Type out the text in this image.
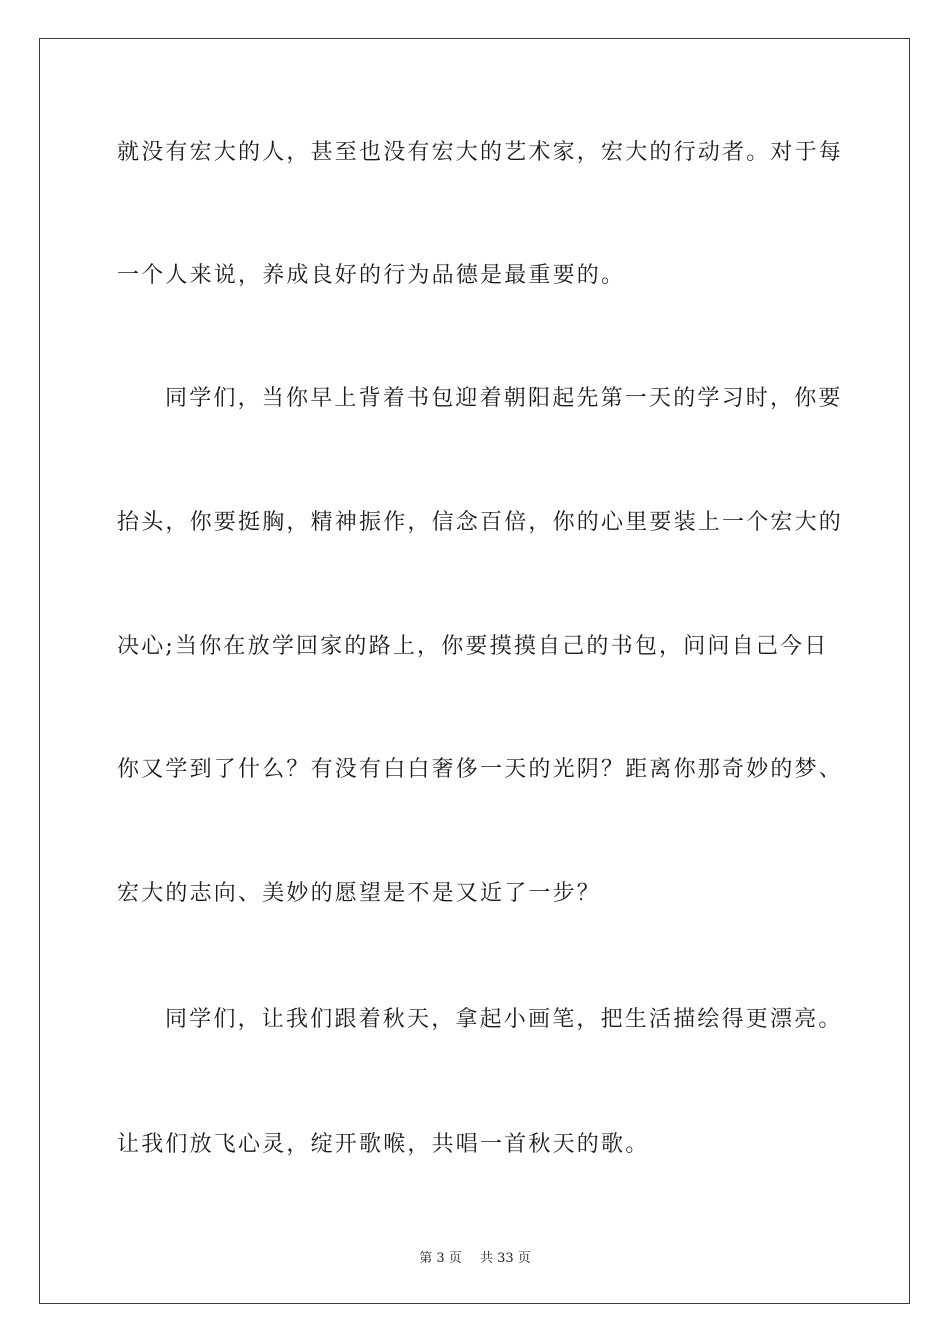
就没有宏大的人，甚至也没有宏大的艺术家，宏大的行动者。对于每
一个人来说，养成良好的行为品德是最重要的。
同学们，当你早上背着书包迎着朝阳起先第一天的学习时，你要
抬头，你要挺胸，精神振作，信念百倍，你的心里要装上一个宏大的
决心;当你在放学回家的路上，你要摸摸自己的书包，问问自己今日
你又学到了什么？有没有白白奢侈一天的光阴？距离你那奇妙的梦、
宏大的志向、美妙的愿望是不是又近了一步？
同学们，让我们跟着秋天，拿起小画笔，把生活描绘得更漂亮。
让我们放飞心灵，绽开歌喉，共唱一首秋天的歌。
第 3 页 共 33 页
